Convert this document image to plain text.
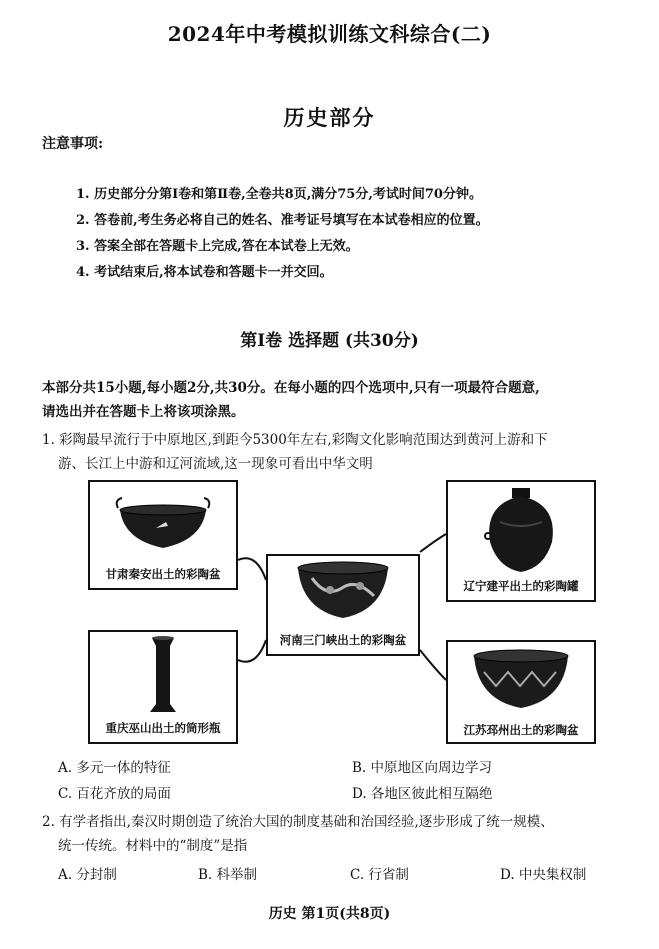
2024年中考模拟训练文科综合(二)
历史部分
注意事项:
1. 历史部分分第Ⅰ卷和第Ⅱ卷,全卷共8页,满分75分,考试时间70分钟。
2. 答卷前,考生务必将自己的姓名、准考证号填写在本试卷相应的位置。
3. 答案全部在答题卡上完成,答在本试卷上无效。
4. 考试结束后,将本试卷和答题卡一并交回。
第Ⅰ卷 选择题 (共30分)
本部分共15小题,每小题2分,共30分。在每小题的四个选项中,只有一项最符合题意,
请选出并在答题卡上将该项涂黑。
1. 彩陶最早流行于中原地区,到距今5300年左右,彩陶文化影响范围达到黄河上游和下
游、长江上中游和辽河流域,这一现象可看出中华文明
甘肃秦安出土的彩陶盆
河南三门峡出土的彩陶盆
辽宁建平出土的彩陶罐
重庆巫山出土的筒形瓶	江苏邳州出土的彩陶盆
A. 多元一体的特征	B. 中原地区向周边学习
C. 百花齐放的局面	D. 各地区彼此相互隔绝
2. 有学者指出,秦汉时期创造了统治大国的制度基础和治国经验,逐步形成了统一规模、
统一传统。材料中的“制度”是指
A. 分封制	B. 科举制	C. 行省制	D. 中央集权制
历史 第1页(共8页)
